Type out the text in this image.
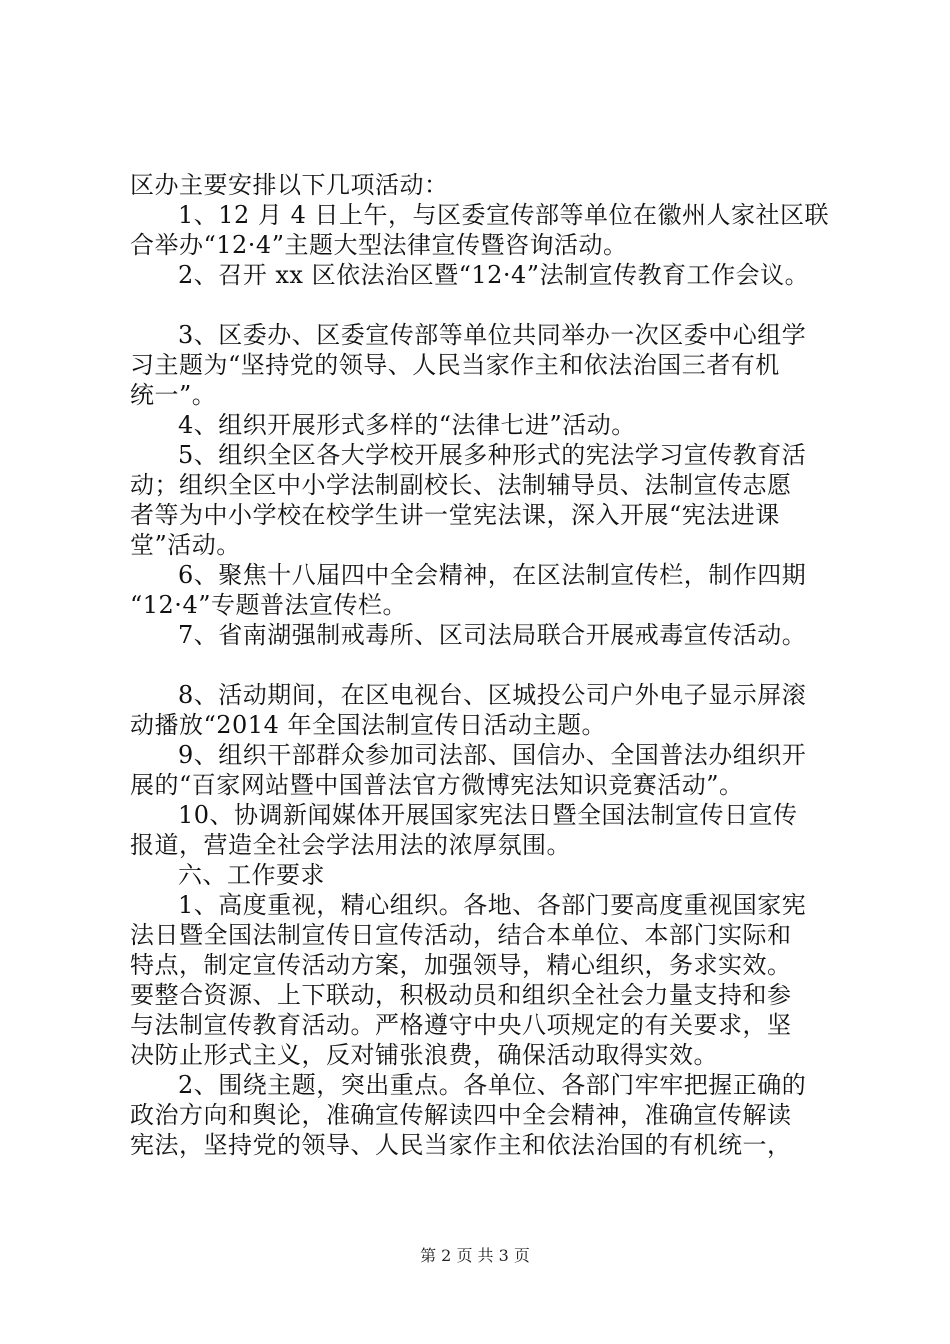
区办主要安排以下几项活动：
1、12 月 4 日上午，与区委宣传部等单位在徽州人家社区联
合举办“12·4”主题大型法律宣传暨咨询活动。
2、召开 xx 区依法治区暨“12·4”法制宣传教育工作会议。
3、区委办、区委宣传部等单位共同举办一次区委中心组学
习主题为“坚持党的领导、人民当家作主和依法治国三者有机
统一”。
4、组织开展形式多样的“法律七进”活动。
5、组织全区各大学校开展多种形式的宪法学习宣传教育活
动；组织全区中小学法制副校长、法制辅导员、法制宣传志愿
者等为中小学校在校学生讲一堂宪法课，深入开展“宪法进课
堂”活动。
6、聚焦十八届四中全会精神，在区法制宣传栏，制作四期
“12·4”专题普法宣传栏。
7、省南湖强制戒毒所、区司法局联合开展戒毒宣传活动。
8、活动期间，在区电视台、区城投公司户外电子显示屏滚
动播放“2014 年全国法制宣传日活动主题。
9、组织干部群众参加司法部、国信办、全国普法办组织开
展的“百家网站暨中国普法官方微博宪法知识竞赛活动”。
10、协调新闻媒体开展国家宪法日暨全国法制宣传日宣传
报道，营造全社会学法用法的浓厚氛围。
六、工作要求
1、高度重视，精心组织。各地、各部门要高度重视国家宪
法日暨全国法制宣传日宣传活动，结合本单位、本部门实际和
特点，制定宣传活动方案，加强领导，精心组织，务求实效。
要整合资源、上下联动，积极动员和组织全社会力量支持和参
与法制宣传教育活动。严格遵守中央八项规定的有关要求，坚
决防止形式主义，反对铺张浪费，确保活动取得实效。
2、围绕主题，突出重点。各单位、各部门牢牢把握正确的
政治方向和舆论，准确宣传解读四中全会精神，准确宣传解读
宪法，坚持党的领导、人民当家作主和依法治国的有机统一，
第 2 页 共 3 页
